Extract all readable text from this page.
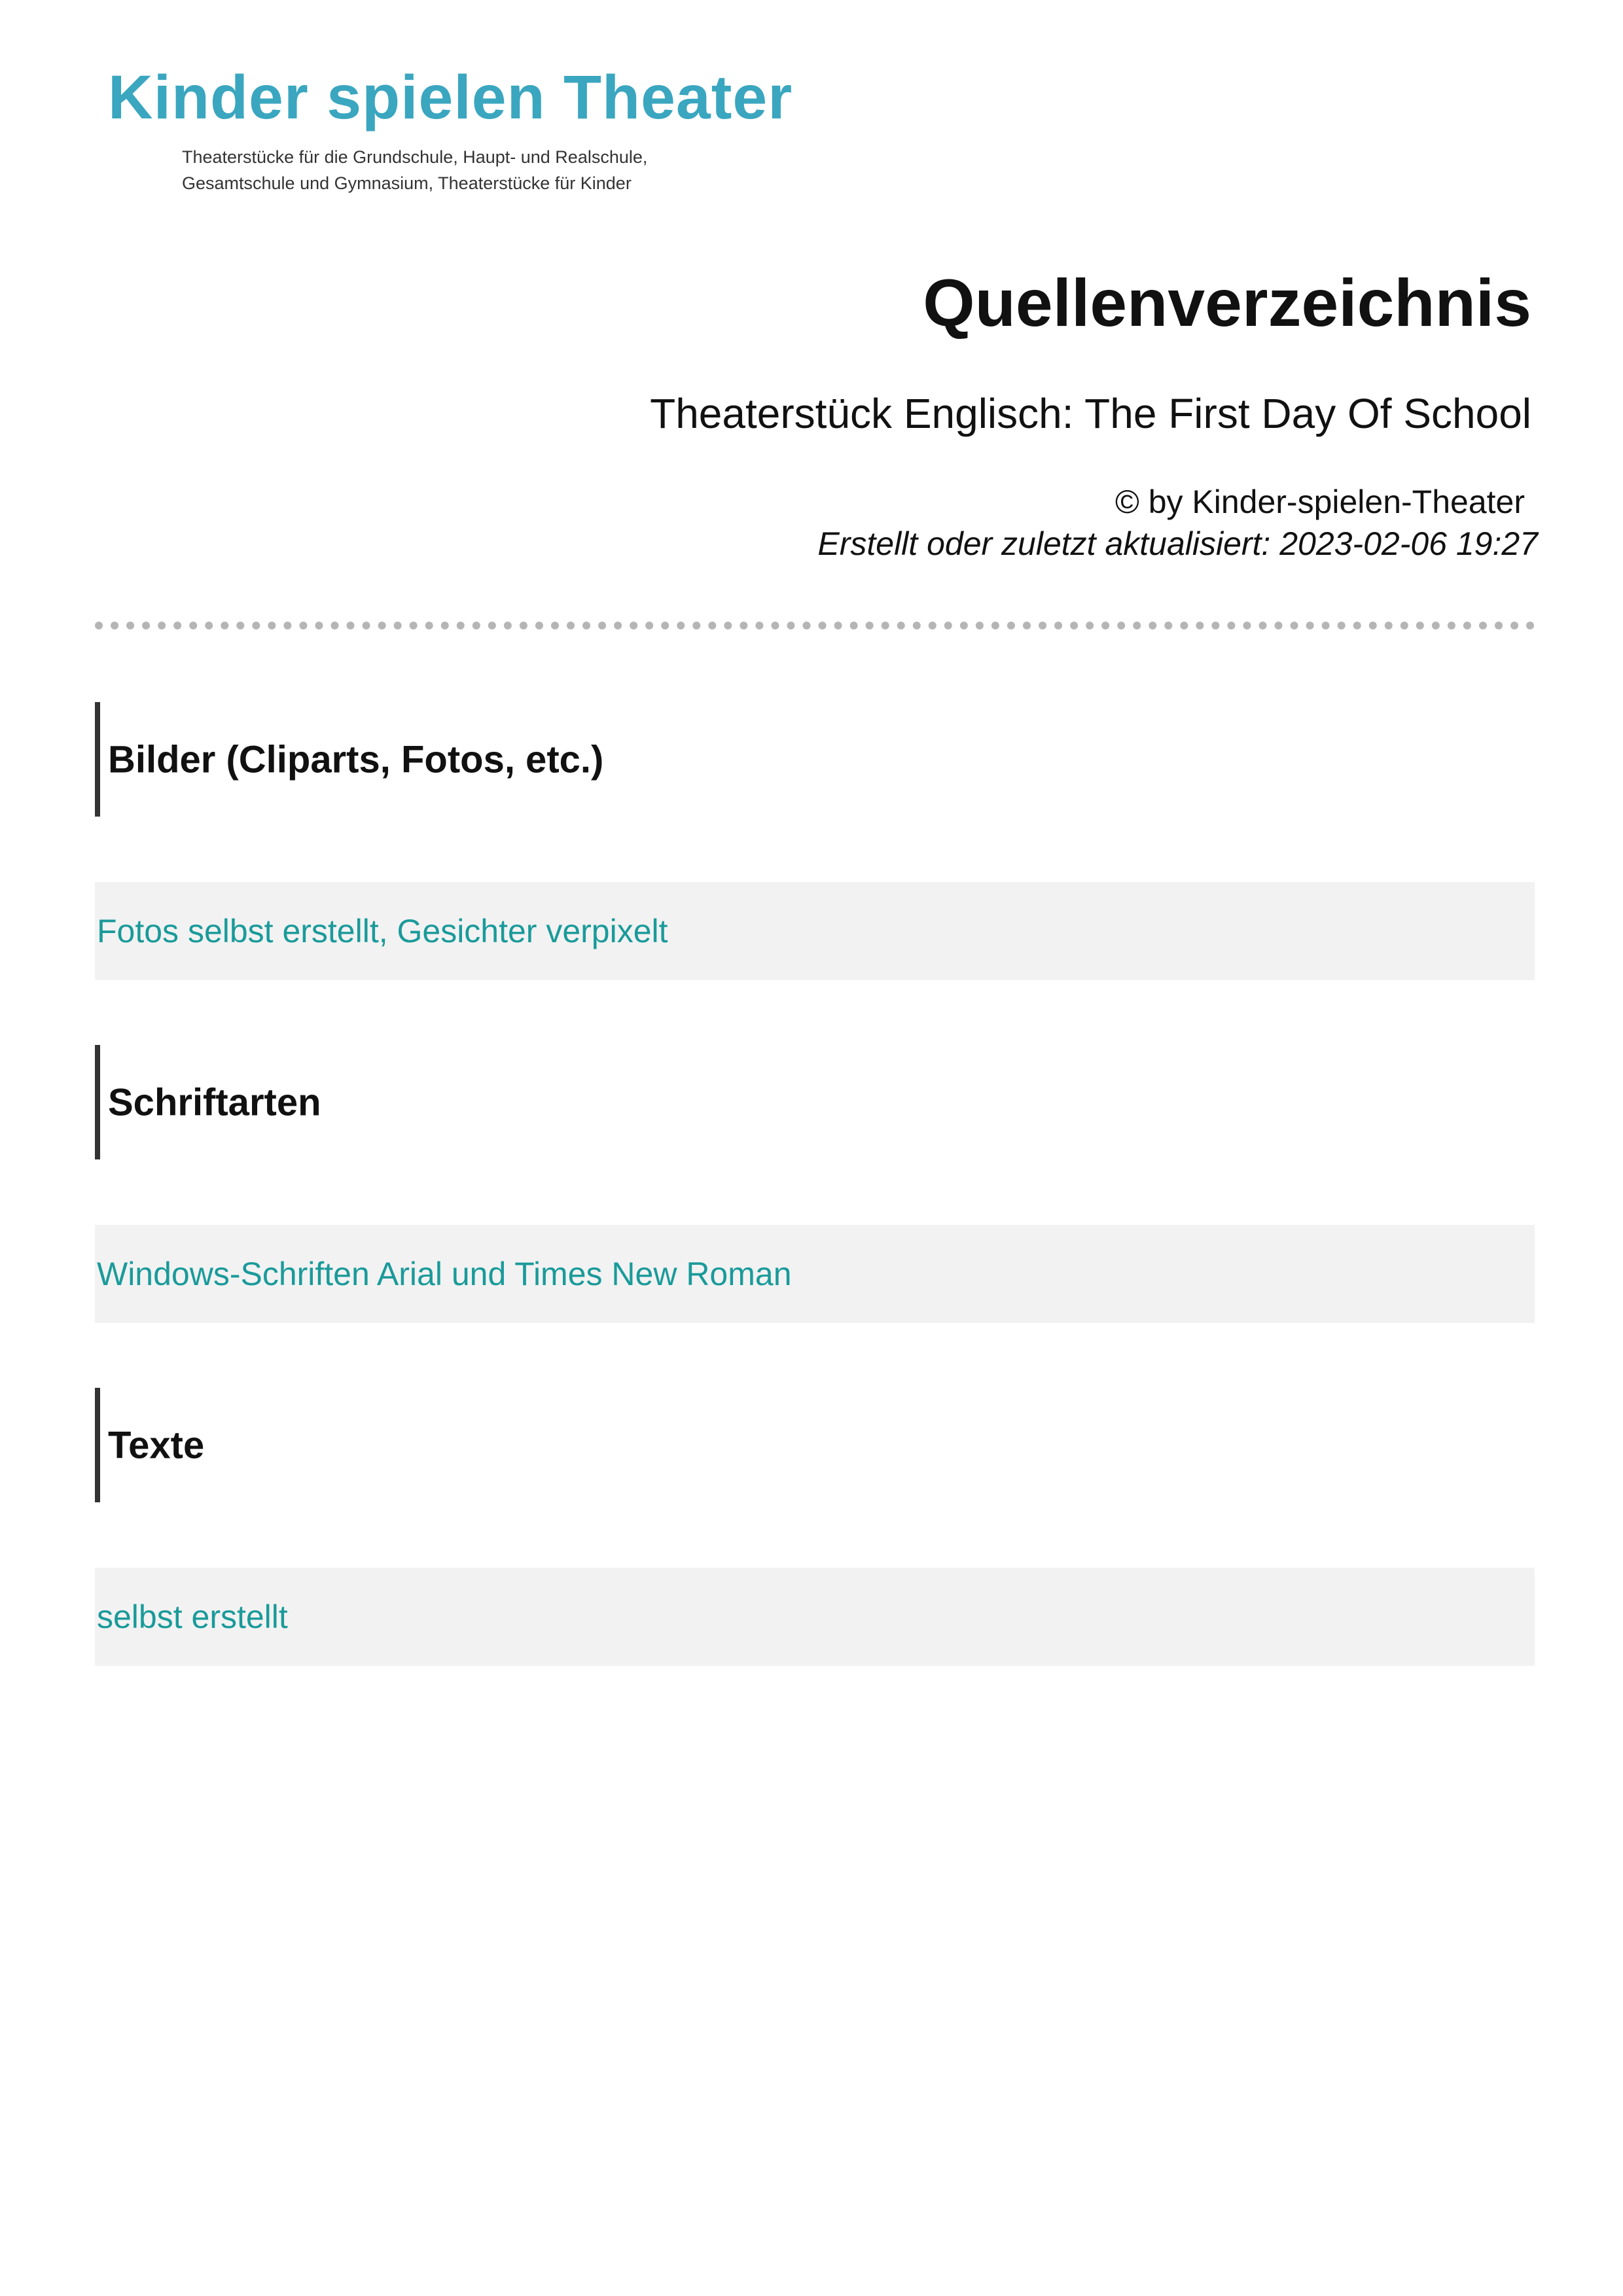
Kinder spielen Theater
Theaterstücke für die Grundschule, Haupt- und Realschule,
Gesamtschule und Gymnasium, Theaterstücke für Kinder
Quellenverzeichnis
Theaterstück Englisch: The First Day Of School
© by Kinder-spielen-Theater
Erstellt oder zuletzt aktualisiert: 2023-02-06 19:27
Bilder (Cliparts, Fotos, etc.)
Fotos selbst erstellt, Gesichter verpixelt
Schriftarten
Windows-Schriften Arial und Times New Roman
Texte
selbst erstellt
